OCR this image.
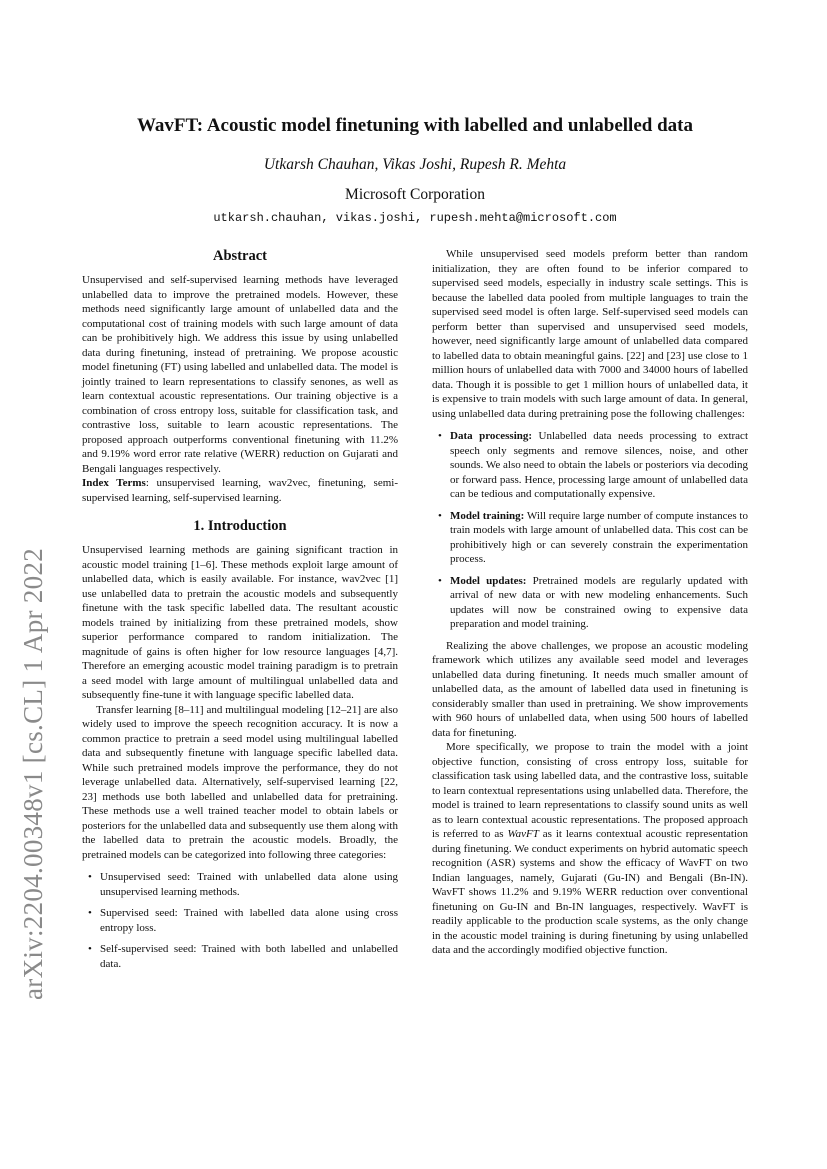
arXiv:2204.00348v1 [cs.CL] 1 Apr 2022
WavFT: Acoustic model finetuning with labelled and unlabelled data
Utkarsh Chauhan, Vikas Joshi, Rupesh R. Mehta
Microsoft Corporation
utkarsh.chauhan, vikas.joshi, rupesh.mehta@microsoft.com
Abstract

Unsupervised and self-supervised learning methods have leveraged unlabelled data to improve the pretrained models. However, these methods need significantly large amount of unlabelled data and the computational cost of training models with such large amount of data can be prohibitively high. We address this issue by using unlabelled data during finetuning, instead of pretraining. We propose acoustic model finetuning (FT) using labelled and unlabelled data. The model is jointly trained to learn representations to classify senones, as well as learn contextual acoustic representations. Our training objective is a combination of cross entropy loss, suitable for classification task, and contrastive loss, suitable to learn acoustic representations. The proposed approach outperforms conventional finetuning with 11.2% and 9.19% word error rate relative (WERR) reduction on Gujarati and Bengali languages respectively.

Index Terms: unsupervised learning, wav2vec, finetuning, semi-supervised learning, self-supervised learning.

1. Introduction

Unsupervised learning methods are gaining significant traction in acoustic model training [1–6]. These methods exploit large amount of unlabelled data, which is easily available. For instance, wav2vec [1] use unlabelled data to pretrain the acoustic models and subsequently finetune with the task specific labelled data. The resultant acoustic models trained by initializing from these pretrained models, show superior performance compared to random initialization. The magnitude of gains is often higher for low resource languages [4,7]. Therefore an emerging acoustic model training paradigm is to pretrain a seed model with large amount of multilingual unlabelled data and subsequently fine-tune it with language specific labelled data.

Transfer learning [8–11] and multilingual modeling [12–21] are also widely used to improve the speech recognition accuracy. It is now a common practice to pretrain a seed model using multilingual labelled data and subsequently finetune with language specific labelled data. While such pretrained models improve the performance, they do not leverage unlabelled data. Alternatively, self-supervised learning [22, 23] methods use both labelled and unlabelled data for pretraining. These methods use a well trained teacher model to obtain labels or posteriors for the unlabelled data and subsequently use them along with the labelled data to pretrain the acoustic models. Broadly, the pretrained models can be categorized into following three categories:

• Unsupervised seed: Trained with unlabelled data alone using unsupervised learning methods.
• Supervised seed: Trained with labelled data alone using cross entropy loss.
• Self-supervised seed: Trained with both labelled and unlabelled data.

While unsupervised seed models preform better than random initialization, they are often found to be inferior compared to supervised seed models, especially in industry scale settings. This is because the labelled data pooled from multiple languages to train the supervised seed model is often large. Self-supervised seed models can perform better than supervised and unsupervised seed models, however, need significantly large amount of unlabelled data compared to labelled data to obtain meaningful gains. [22] and [23] use close to 1 million hours of unlabelled data with 7000 and 34000 hours of labelled data. Though it is possible to get 1 million hours of unlabelled data, it is expensive to train models with such large amount of data. In general, using unlabelled data during pretraining pose the following challenges:

• Data processing: Unlabelled data needs processing to extract speech only segments and remove silences, noise, and other sounds. We also need to obtain the labels or posteriors via decoding or forward pass. Hence, processing large amount of unlabelled data can be tedious and computationally expensive.
• Model training: Will require large number of compute instances to train models with large amount of unlabelled data. This cost can be prohibitively high or can severely constrain the experimentation process.
• Model updates: Pretrained models are regularly updated with arrival of new data or with new modeling enhancements. Such updates will now be constrained owing to expensive data preparation and model training.

Realizing the above challenges, we propose an acoustic modeling framework which utilizes any available seed model and leverages unlabelled data during finetuning. It needs much smaller amount of unlabelled data, as the amount of labelled data used in finetuning is considerably smaller than used in pretraining. We show improvements with 960 hours of unlabelled data, when using 500 hours of labelled data for finetuning.

More specifically, we propose to train the model with a joint objective function, consisting of cross entropy loss, suitable for classification task using labelled data, and the contrastive loss, suitable to learn contextual representations using unlabelled data. Therefore, the model is trained to learn representations to classify sound units as well as to learn contextual acoustic representations. The proposed approach is referred to as WavFT as it learns contextual acoustic representation during finetuning. We conduct experiments on hybrid automatic speech recognition (ASR) systems and show the efficacy of WavFT on two Indian languages, namely, Gujarati (Gu-IN) and Bengali (Bn-IN). WavFT shows 11.2% and 9.19% WERR reduction over conventional finetuning on Gu-IN and Bn-IN languages, respectively. WavFT is readily applicable to the production scale systems, as the only change in the acoustic model training is during finetuning by using unlabelled data and the accordingly modified objective function.
